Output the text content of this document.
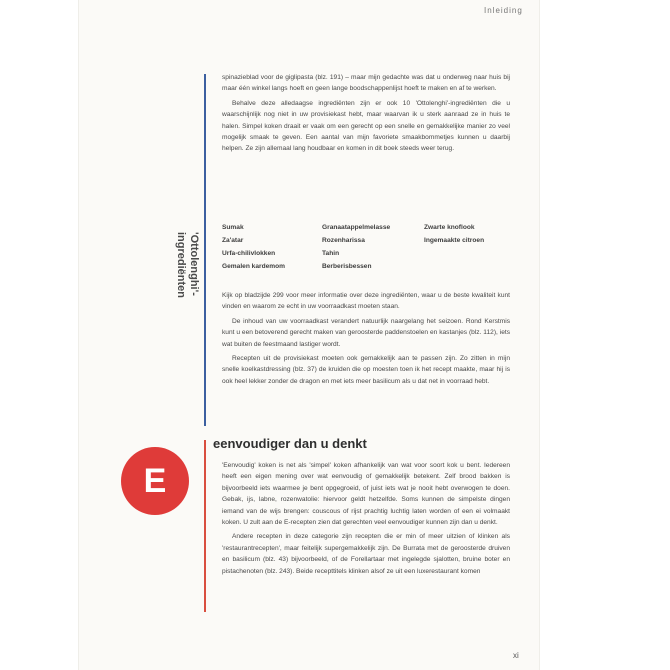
Inleiding

spinazieblad voor de giglipasta (blz. 191) – maar mijn gedachte was dat u onderweg naar huis bij maar één winkel langs hoeft en geen lange boodschappenlijst hoeft te maken en af te werken.

Behalve deze alledaagse ingrediënten zijn er ook 10 'Ottolenghi'-ingrediënten die u waarschijnlijk nog niet in uw provisiekast hebt, maar waarvan ik u sterk aanraad ze in huis te halen. Simpel koken draait er vaak om een gerecht op een snelle en gemakkelijke manier zo veel mogelijk smaak te geven. Een aantal van mijn favoriete smaakbommetjes kunnen u daarbij helpen. Ze zijn allemaal lang houdbaar en komen in dit boek steeds weer terug.

'Ottolenghi'-
ingrediënten
Sumak	Granaatappelmelasse	Zwarte knoflook
Za'atar	Rozenharissa	Ingemaakte citroen
Urfa-chilivlokken	Tahin
Gemalen kardemom	Berberisbessen

Kijk op bladzijde 299 voor meer informatie over deze ingrediënten, waar u de beste kwaliteit kunt vinden en waarom ze echt in uw voorraadkast moeten staan.

De inhoud van uw voorraadkast verandert natuurlijk naargelang het seizoen. Rond Kerstmis kunt u een betoverend gerecht maken van geroosterde paddenstoelen en kastanjes (blz. 112), iets wat buiten de feestmaand lastiger wordt.

Recepten uit de provisiekast moeten ook gemakkelijk aan te passen zijn. Zo zitten in mijn snelle koelkastdressing (blz. 37) de kruiden die op moesten toen ik het recept maakte, maar hij is ook heel lekker zonder de dragon en met iets meer basilicum als u dat net in voorraad hebt.

E
eenvoudiger dan u denkt

'Eenvoudig' koken is net als 'simpel' koken afhankelijk van wat voor soort kok u bent. Iedereen heeft een eigen mening over wat eenvoudig of gemakkelijk betekent. Zelf brood bakken is bijvoorbeeld iets waarmee je bent opgegroeid, of juist iets wat je nooit hebt overwogen te doen. Gebak, ijs, labne, rozenwatolie: hiervoor geldt hetzelfde. Soms kunnen de simpelste dingen iemand van de wijs brengen: couscous of rijst prachtig luchtig laten worden of een ei volmaakt koken. U zult aan de E-recepten zien dat gerechten veel eenvoudiger kunnen zijn dan u denkt.

Andere recepten in deze categorie zijn recepten die er min of meer uitzien of klinken als 'restaurantrecepten', maar feitelijk supergemakkelijk zijn. De Burrata met de geroosterde druiven en basilicum (blz. 43) bijvoorbeeld, of de Forellartaar met ingelegde sjalotten, bruine boter en pistachenoten (blz. 243). Beide recepttitels klinken alsof ze uit een luxerestaurant komen

xi
